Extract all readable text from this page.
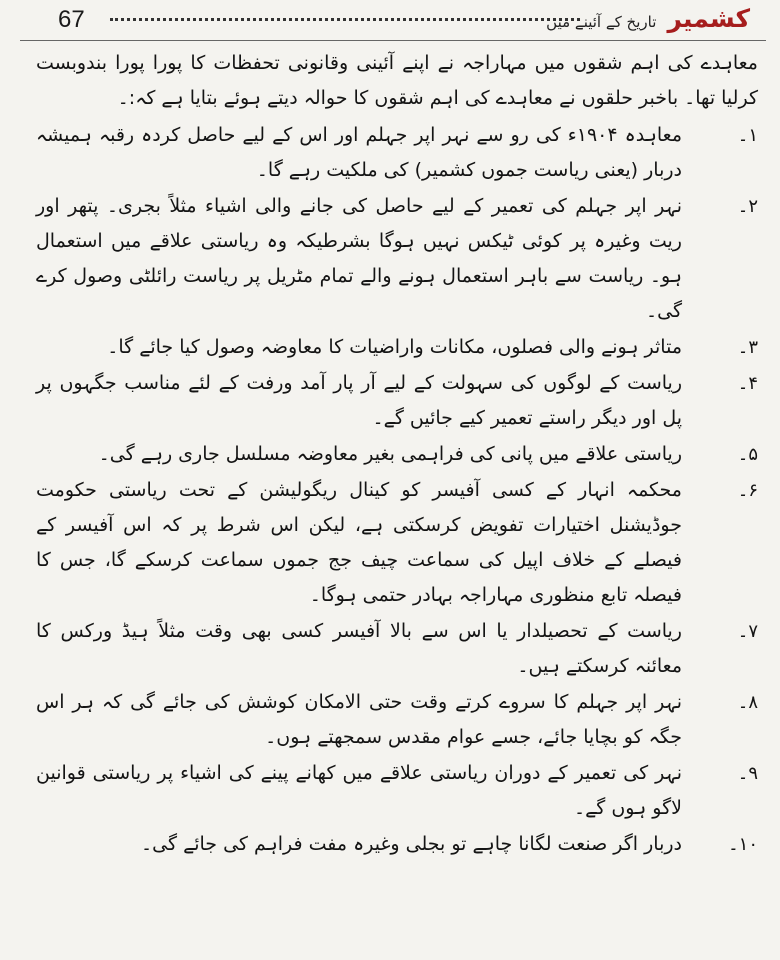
67	کشمیر تاریخ کے آئینے میں

معاہدے کی اہم شقوں میں مہاراجہ نے اپنے آئینی وقانونی تحفظات کا پورا پورا بندوبست کرلیا تھا۔ باخبر حلقوں نے معاہدے کی اہم شقوں کا حوالہ دیتے ہوئے بتایا ہے کہ:۔

۱۔
معاہدہ ۱۹۰۴ء کی رو سے نہر اپر جہلم اور اس کے لیے حاصل کردہ رقبہ ہمیشہ دربار (یعنی ریاست جموں کشمیر) کی ملکیت رہے گا۔
۲۔
نہر اپر جہلم کی تعمیر کے لیے حاصل کی جانے والی اشیاء مثلاً بجری۔ پتھر اور ریت وغیرہ پر کوئی ٹیکس نہیں ہوگا بشرطیکہ وہ ریاستی علاقے میں استعمال ہو۔ ریاست سے باہر استعمال ہونے والے تمام مٹریل پر ریاست رائلٹی وصول کرے گی۔
۳۔
متاثر ہونے والی فصلوں، مکانات واراضیات کا معاوضہ وصول کیا جائے گا۔
۴۔
ریاست کے لوگوں کی سہولت کے لیے آر پار آمد ورفت کے لئے مناسب جگہوں پر پل اور دیگر راستے تعمیر کیے جائیں گے۔
۵۔
ریاستی علاقے میں پانی کی فراہمی بغیر معاوضہ مسلسل جاری رہے گی۔
۶۔
محکمہ انہار کے کسی آفیسر کو کینال ریگولیشن کے تحت ریاستی حکومت جوڈیشنل اختیارات تفویض کرسکتی ہے، لیکن اس شرط پر کہ اس آفیسر کے فیصلے کے خلاف اپیل کی سماعت چیف جج جموں سماعت کرسکے گا، جس کا فیصلہ تابع منظوری مہاراجہ بہادر حتمی ہوگا۔
۷۔
ریاست کے تحصیلدار یا اس سے بالا آفیسر کسی بھی وقت مثلاً ہیڈ ورکس کا معائنہ کرسکتے ہیں۔
۸۔
نہر اپر جہلم کا سروے کرتے وقت حتی الامکان کوشش کی جائے گی کہ ہر اس جگہ کو بچایا جائے، جسے عوام مقدس سمجھتے ہوں۔
۹۔
نہر کی تعمیر کے دوران ریاستی علاقے میں کھانے پینے کی اشیاء پر ریاستی قوانین لاگو ہوں گے۔
۱۰۔
دربار اگر صنعت لگانا چاہے تو بجلی وغیرہ مفت فراہم کی جائے گی۔
